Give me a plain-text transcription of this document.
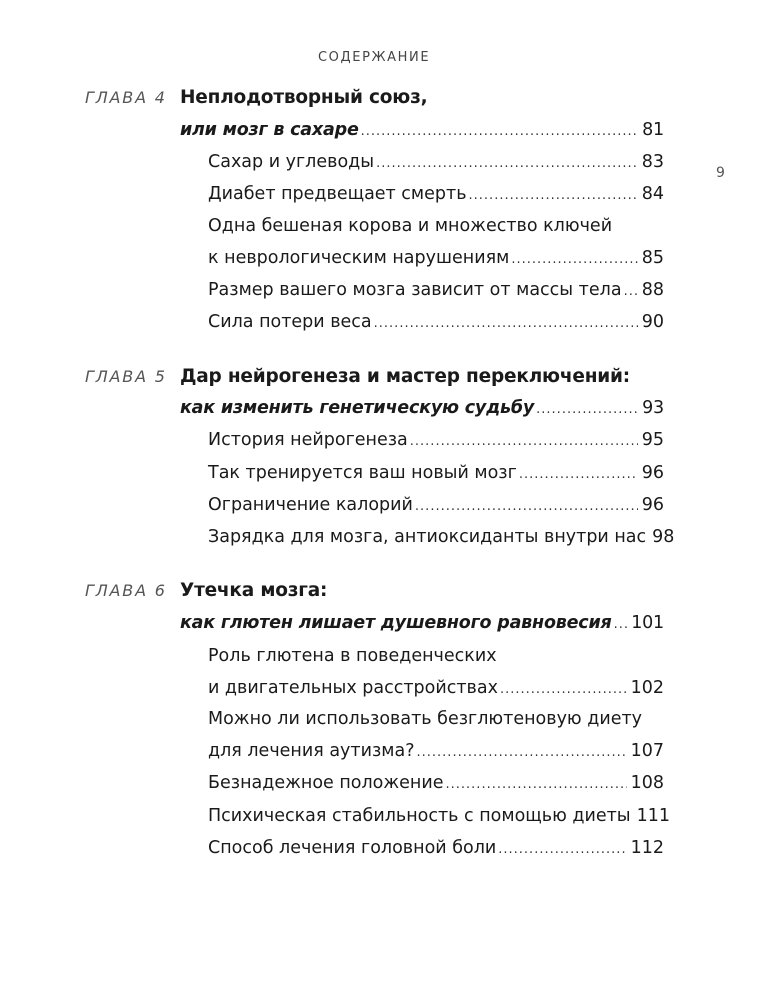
СОДЕРЖАНИЕ
9
ГЛАВА 4 Неплодотворный союз,
или мозг в сахаре .....	81
Сахар и углеводы .....	83
Диабет предвещает смерть .....	84
Одна бешеная корова и множество ключей
к неврологическим нарушениям .....	85
Размер вашего мозга зависит от массы тела ..... 88
Сила потери веса .....	90
ГЛАВА 5 Дар нейрогенеза и мастер переключений:
как изменить генетическую судьбу .....	93
История нейрогенеза .....	95
Так тренируется ваш новый мозг .....	96
Ограничение калорий .....	96
Зарядка для мозга, антиоксиданты внутри нас 98
ГЛАВА 6 Утечка мозга:
как глютен лишает душевного равновесия ..... 101
Роль глютена в поведенческих
и двигательных расстройствах .....	102
Можно ли использовать безглютеновую диету
для лечения аутизма? .....	107
Безнадежное положение .....	108
Психическая стабильность с помощью диеты 111
Способ лечения головной боли .....	112
